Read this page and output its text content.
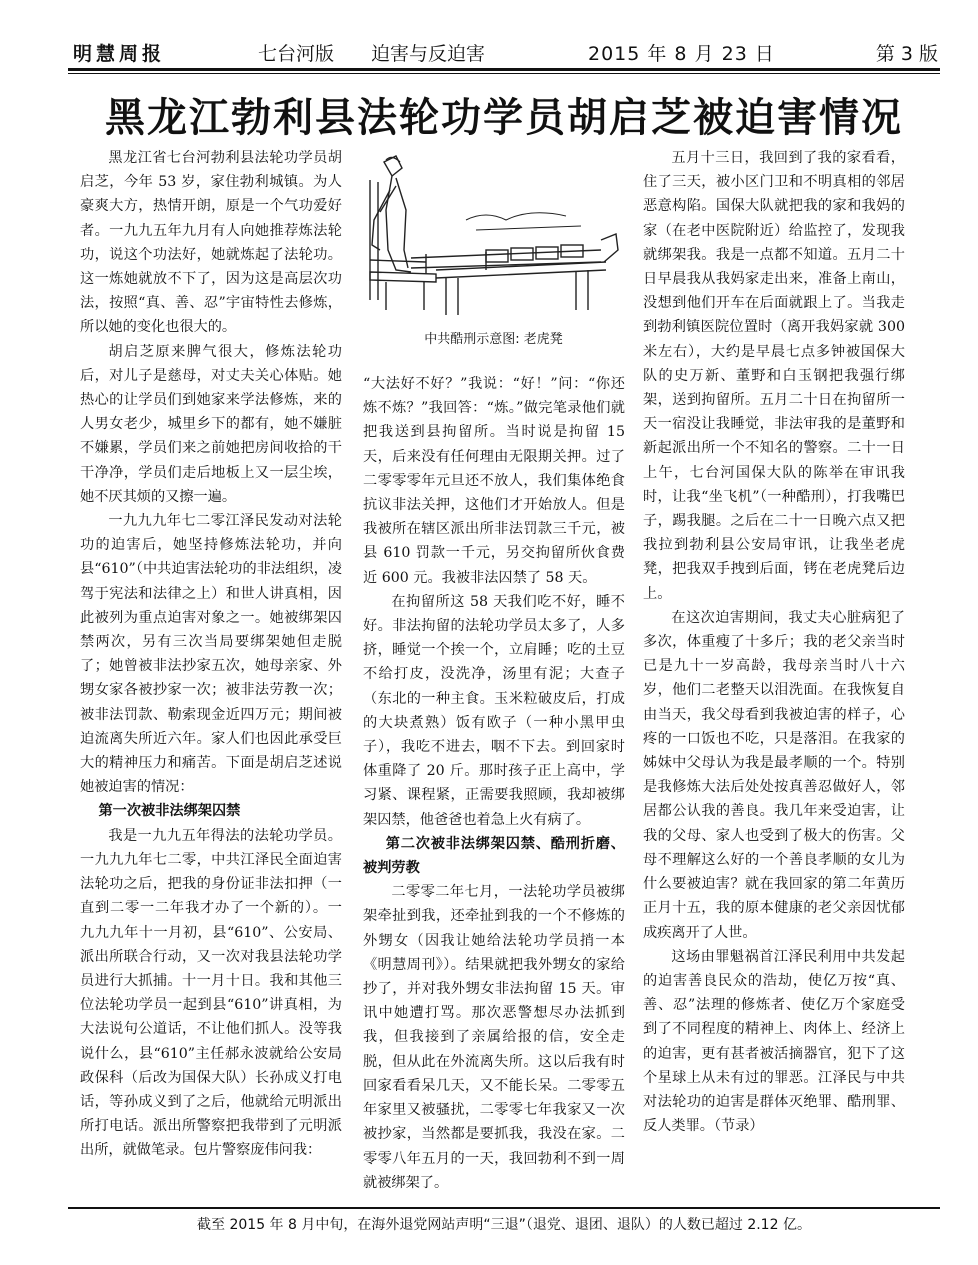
明慧周报	七台河版 迫害与反迫害	2015 年 8 月 23 日	第 3 版
黑龙江勃利县法轮功学员胡启芝被迫害情况

黑龙江省七台河勃利县法轮功学员胡启芝，今年 53 岁，家住勃利城镇。为人豪爽大方，热情开朗，原是一个气功爱好者。一九九五年九月有人向她推荐炼法轮功，说这个功法好，她就炼起了法轮功。这一炼她就放不下了，因为这是高层次功法，按照“真、善、忍”宇宙特性去修炼，所以她的变化也很大的。

胡启芝原来脾气很大，修炼法轮功后，对儿子是慈母，对丈夫关心体贴。她热心的让学员们到她家来学法修炼，来的人男女老少，城里乡下的都有，她不嫌脏不嫌累，学员们来之前她把房间收拾的干干净净，学员们走后地板上又一层尘埃，她不厌其烦的又擦一遍。

一九九九年七二零江泽民发动对法轮功的迫害后，她坚持修炼法轮功，并向县“610”（中共迫害法轮功的非法组织，凌驾于宪法和法律之上）和世人讲真相，因此被列为重点迫害对象之一。她被绑架囚禁两次，另有三次当局要绑架她但走脱了；她曾被非法抄家五次，她母亲家、外甥女家各被抄家一次；被非法劳教一次；被非法罚款、勒索现金近四万元；期间被迫流离失所近六年。家人们也因此承受巨大的精神压力和痛苦。下面是胡启芝述说她被迫害的情况：

第一次被非法绑架囚禁

我是一九九五年得法的法轮功学员。一九九九年七二零，中共江泽民全面迫害法轮功之后，把我的身份证非法扣押（一直到二零一二年我才办了一个新的）。一九九九年十一月初，县“610”、公安局、派出所联合行动，又一次对我县法轮功学员进行大抓捕。十一月十日。我和其他三位法轮功学员一起到县“610”讲真相，为大法说句公道话，不让他们抓人。没等我说什么，县“610”主任郝永波就给公安局政保科（后改为国保大队）长孙成义打电话，等孙成义到了之后，他就给元明派出所打电话。派出所警察把我带到了元明派出所，就做笔录。包片警察庞伟问我：

中共酷刑示意图: 老虎凳

“大法好不好？”我说：“好！”问：“你还炼不炼？”我回答：“炼。”做完笔录他们就把我送到县拘留所。当时说是拘留 15 天，后来没有任何理由无限期关押。过了二零零零年元旦还不放人，我们集体绝食抗议非法关押，这他们才开始放人。但是我被所在辖区派出所非法罚款三千元，被县 610 罚款一千元，另交拘留所伙食费近 600 元。我被非法囚禁了 58 天。

在拘留所这 58 天我们吃不好，睡不好。非法拘留的法轮功学员太多了，人多挤，睡觉一个挨一个，立肩睡；吃的土豆不给打皮，没洗净，汤里有泥；大查子（东北的一种主食。玉米粒破皮后，打成的大块煮熟）饭有欧子（一种小黑甲虫子），我吃不进去，咽不下去。到回家时体重降了 20 斤。那时孩子正上高中，学习紧、课程紧，正需要我照顾，我却被绑架囚禁，他爸爸也着急上火有病了。

第二次被非法绑架囚禁、酷刑折磨、被判劳教

二零零二年七月，一法轮功学员被绑架牵扯到我，还牵扯到我的一个不修炼的外甥女（因我让她给法轮功学员捎一本《明慧周刊》）。结果就把我外甥女的家给抄了，并对我外甥女非法拘留 15 天。审讯中她遭打骂。那次恶警想尽办法抓到我，但我接到了亲属给报的信，安全走脱，但从此在外流离失所。这以后我有时回家看看呆几天，又不能长呆。二零零五年家里又被骚扰，二零零七年我家又一次被抄家，当然都是要抓我，我没在家。二零零八年五月的一天，我回勃利不到一周就被绑架了。

五月十三日，我回到了我的家看看，住了三天，被小区门卫和不明真相的邻居恶意构陷。国保大队就把我的家和我妈的家（在老中医院附近）给监控了，发现我就绑架我。我是一点都不知道。五月二十日早晨我从我妈家走出来，准备上南山，没想到他们开车在后面就跟上了。当我走到勃利镇医院位置时（离开我妈家就 300 米左右），大约是早晨七点多钟被国保大队的史万新、董野和白玉钢把我强行绑架，送到拘留所。五月二十日在拘留所一天一宿没让我睡觉，非法审我的是董野和新起派出所一个不知名的警察。二十一日上午，七台河国保大队的陈举在审讯我时，让我“坐飞机”（一种酷刑），打我嘴巴子，踢我腿。之后在二十一日晚六点又把我拉到勃利县公安局审讯，让我坐老虎凳，把我双手拽到后面，铐在老虎凳后边上。

在这次迫害期间，我丈夫心脏病犯了多次，体重瘦了十多斤；我的老父亲当时已是九十一岁高龄，我母亲当时八十六岁，他们二老整天以泪洗面。在我恢复自由当天，我父母看到我被迫害的样子，心疼的一口饭也不吃，只是落泪。在我家的姊妹中父母认为我是最孝顺的一个。特别是我修炼大法后处处按真善忍做好人，邻居都公认我的善良。我几年来受迫害，让我的父母、家人也受到了极大的伤害。父母不理解这么好的一个善良孝顺的女儿为什么要被迫害？就在我回家的第二年黄历正月十五，我的原本健康的老父亲因忧郁成疾离开了人世。

这场由罪魁祸首江泽民利用中共发起的迫害善良民众的浩劫，使亿万按“真、善、忍”法理的修炼者、使亿万个家庭受到了不同程度的精神上、肉体上、经济上的迫害，更有甚者被活摘器官，犯下了这个星球上从未有过的罪恶。江泽民与中共对法轮功的迫害是群体灭绝罪、酷刑罪、反人类罪。（节录）

截至 2015 年 8 月中旬，在海外退党网站声明“三退”（退党、退团、退队）的人数已超过 2.12 亿。
